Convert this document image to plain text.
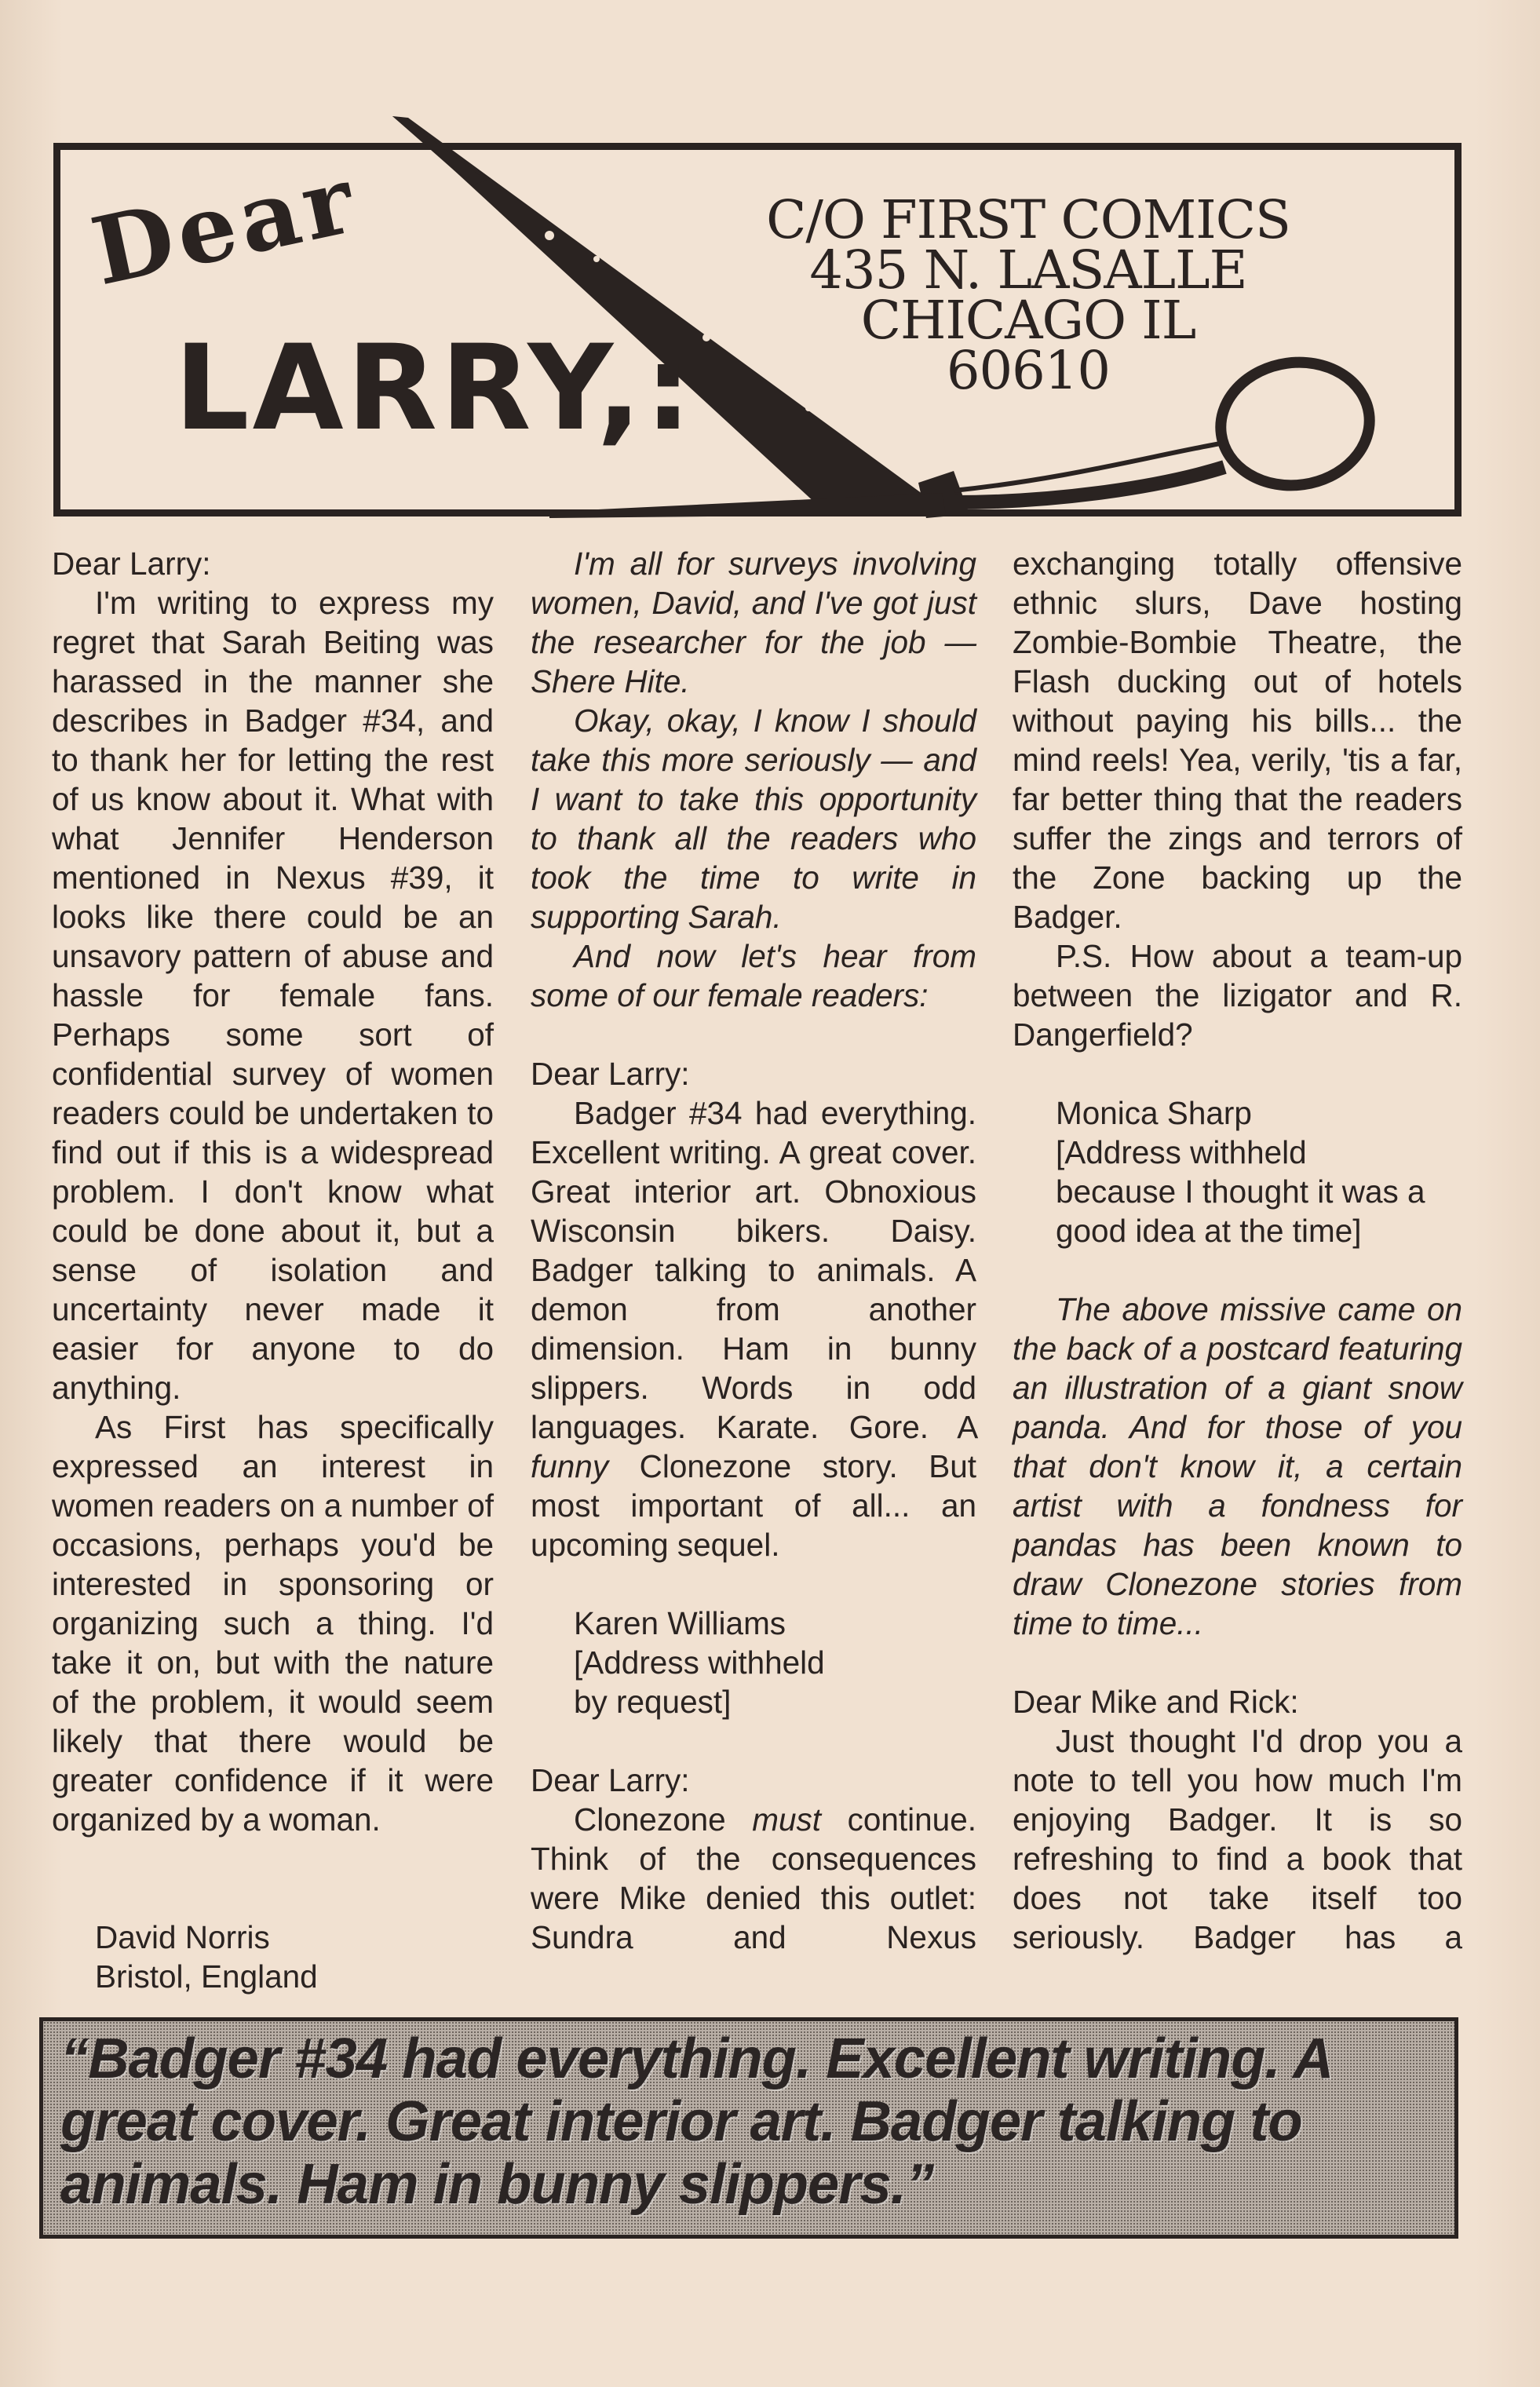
Dear
LARRY,:
C/O FIRST COMICS
435 N. LASALLE
CHICAGO IL
60610

Dear Larry:

I'm writing to express my regret that Sarah Beiting was harassed in the manner she describes in Badger #34, and to thank her for letting the rest of us know about it. What with what Jennifer Henderson mentioned in Nexus #39, it looks like there could be an unsavory pattern of abuse and hassle for female fans. Perhaps some sort of confidential survey of women readers could be undertaken to find out if this is a widespread problem. I don't know what could be done about it, but a sense of isolation and uncertainty never made it easier for anyone to do anything.

As First has specifically expressed an interest in women readers on a number of occasions, perhaps you'd be interested in sponsoring or organizing such a thing. I'd take it on, but with the nature of the problem, it would seem likely that there would be greater confidence if it were organized by a woman.

David Norris

Bristol, England

I'm all for surveys involving women, David, and I've got just the researcher for the job — Shere Hite.

Okay, okay, I know I should take this more seriously — and I want to take this opportunity to thank all the readers who took the time to write in supporting Sarah.

And now let's hear from some of our female readers:

Dear Larry:

Badger #34 had everything. Excellent writing. A great cover. Great interior art. Obnoxious Wisconsin bikers. Daisy. Badger talking to animals. A demon from another dimension. Ham in bunny slippers. Words in odd languages. Karate. Gore. A funny Clonezone story. But most important of all... an upcoming sequel.

Karen Williams

[Address withheld

by request]

Dear Larry:

Clonezone must continue. Think of the consequences were Mike denied this outlet: Sundra and Nexus

exchanging totally offensive ethnic slurs, Dave hosting Zombie-Bombie Theatre, the Flash ducking out of hotels without paying his bills... the mind reels! Yea, verily, 'tis a far, far better thing that the readers suffer the zings and terrors of the Zone backing up the Badger.

P.S. How about a team-up between the lizigator and R. Dangerfield?

Monica Sharp

[Address withheld

because I thought it was a

good idea at the time]

The above missive came on the back of a postcard featuring an illustration of a giant snow panda. And for those of you that don't know it, a certain artist with a fondness for pandas has been known to draw Clonezone stories from time to time...

Dear Mike and Rick:

Just thought I'd drop you a note to tell you how much I'm enjoying Badger. It is so refreshing to find a book that does not take itself too seriously. Badger has a

“Badger #34 had everything. Excellent writing. A great cover. Great interior art. Badger talking to animals. Ham in bunny slippers.”
